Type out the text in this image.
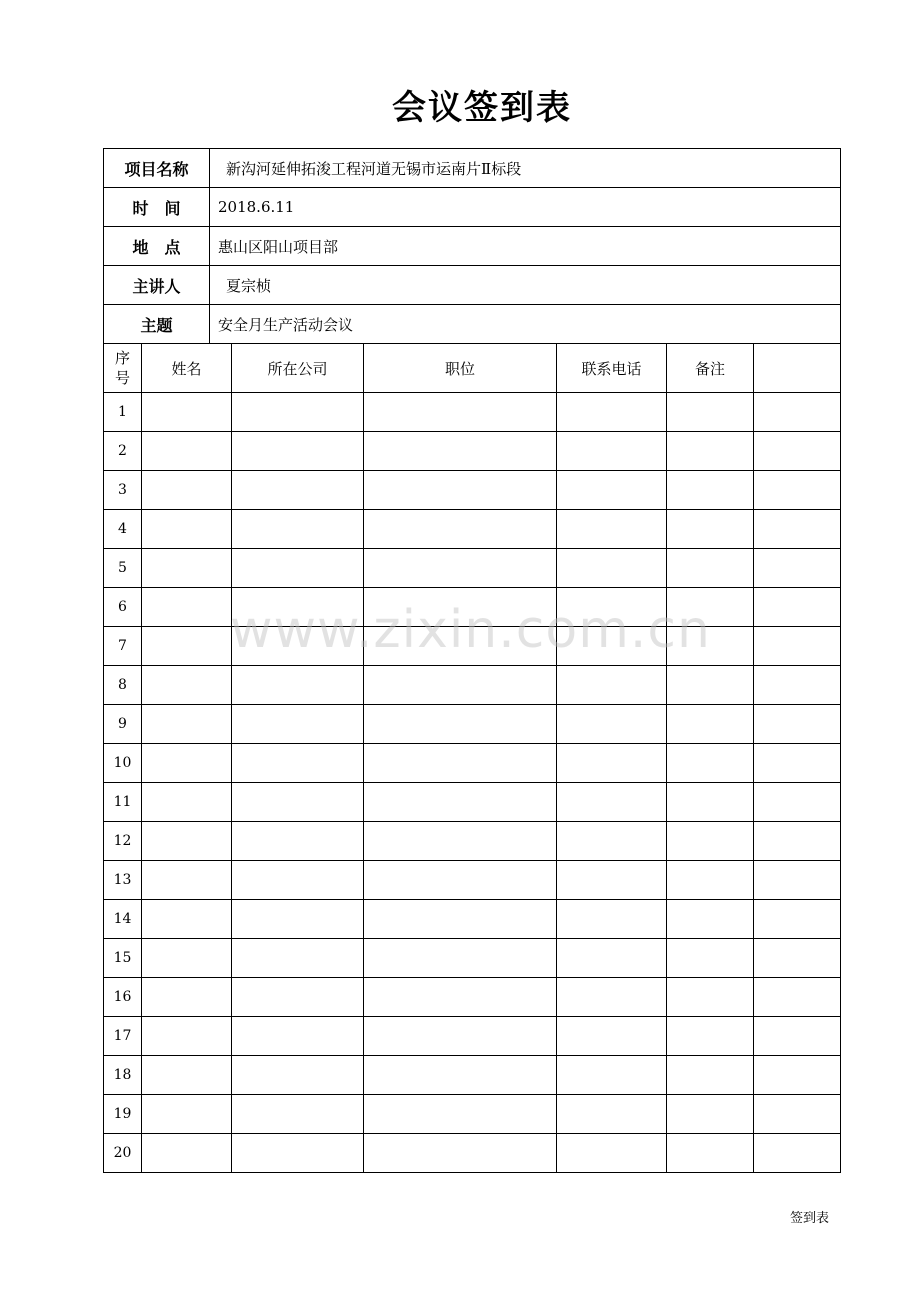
会议签到表
项目名称	新沟河延伸拓浚工程河道无锡市运南片Ⅱ标段
时　间	2018.6.11
地　点	惠山区阳山项目部
主讲人	夏宗桢
主题	安全月生产活动会议
序
号	姓名	所在公司	职位	联系电话	备注	
1						
2						
3						
4						
5						
6						
7						
8						
9						
10						
11						
12						
13						
14						
15						
16						
17						
18						
19						
20						
www.zixin.com.cn
签到表
